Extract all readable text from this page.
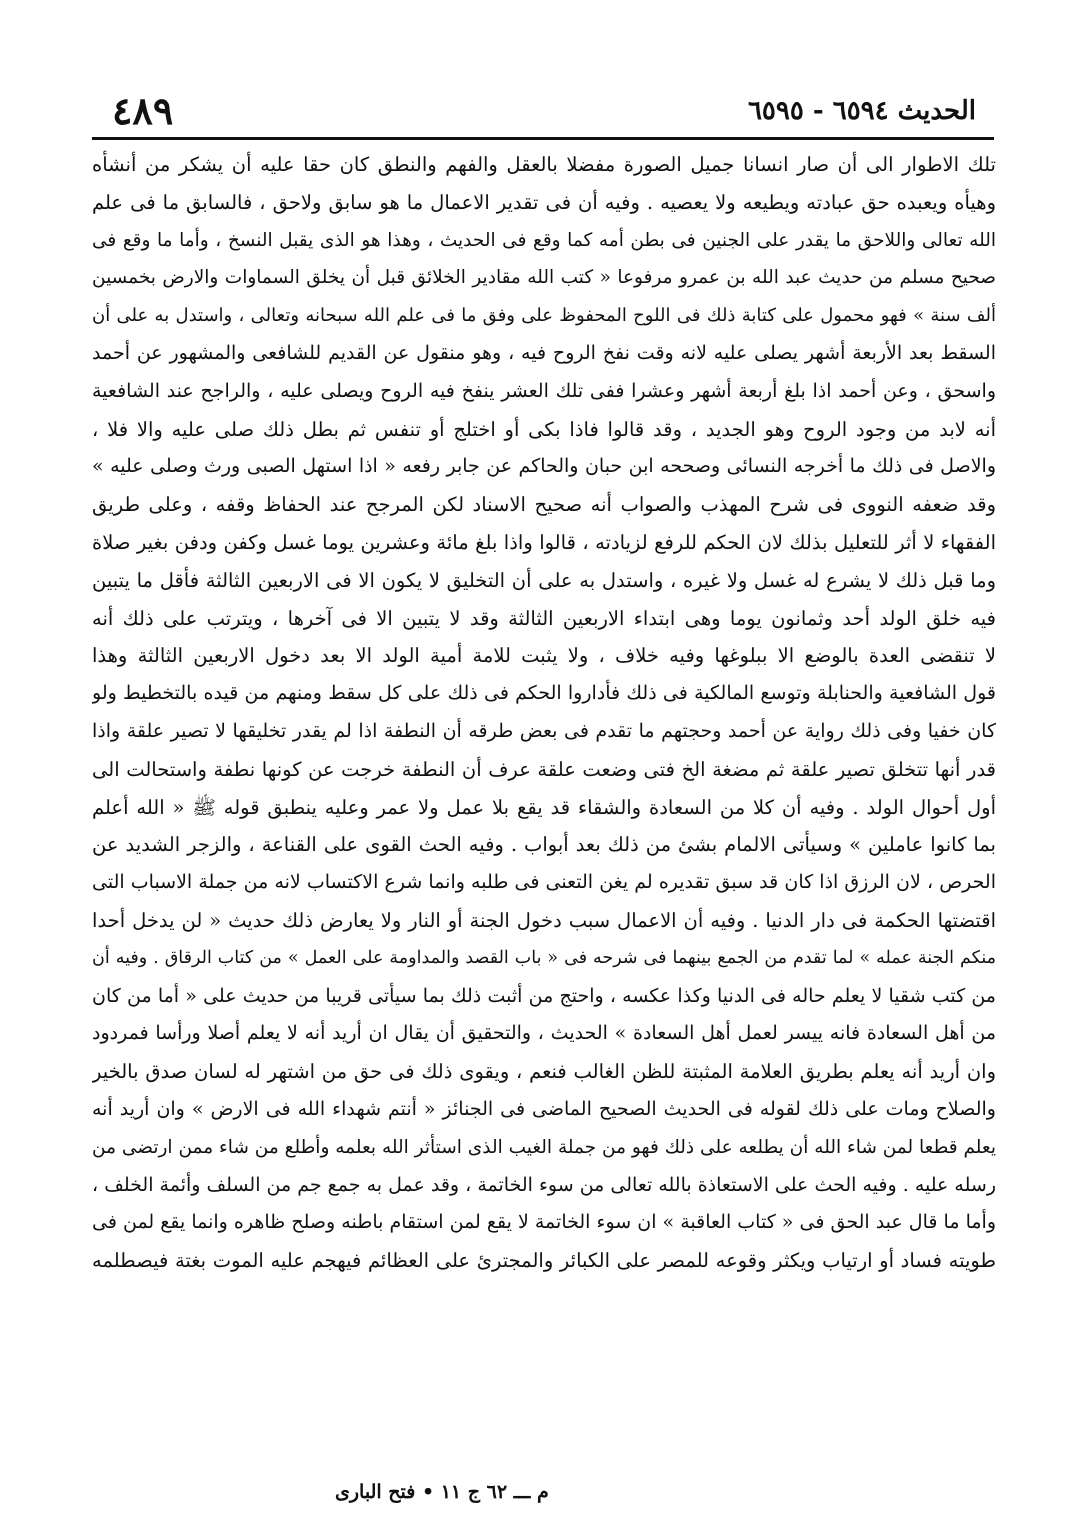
٤٨٩	الحديث ٦٥٩٤ - ٦٥٩٥
تلك الاطوار الى أن صار انسانا جميل الصورة مفضلا بالعقل والفهم والنطق كان حقا عليه أن يشكر من أنشأه
وهيأه ويعبده حق عبادته ويطيعه ولا يعصيه . وفيه أن فى تقدير الاعمال ما هو سابق ولاحق ، فالسابق ما فى علم
الله تعالى واللاحق ما يقدر على الجنين فى بطن أمه كما وقع فى الحديث ، وهذا هو الذى يقبل النسخ ، وأما ما وقع فى
صحيح مسلم من حديث عبد الله بن عمرو مرفوعا « كتب الله مقادير الخلائق قبل أن يخلق السماوات والارض بخمسين
ألف سنة » فهو محمول على كتابة ذلك فى اللوح المحفوظ على وفق ما فى علم الله سبحانه وتعالى ، واستدل به على أن
السقط بعد الأربعة أشهر يصلى عليه لانه وقت نفخ الروح فيه ، وهو منقول عن القديم للشافعى والمشهور عن أحمد
واسحق ، وعن أحمد اذا بلغ أربعة أشهر وعشرا ففى تلك العشر ينفخ فيه الروح ويصلى عليه ، والراجح عند الشافعية
أنه لابد من وجود الروح وهو الجديد ، وقد قالوا فاذا بكى أو اختلج أو تنفس ثم بطل ذلك صلى عليه والا فلا ،
والاصل فى ذلك ما أخرجه النسائى وصححه ابن حبان والحاكم عن جابر رفعه « اذا استهل الصبى ورث وصلى عليه »
وقد ضعفه النووى فى شرح المهذب والصواب أنه صحيح الاسناد لكن المرجح عند الحفاظ وقفه ، وعلى طريق
الفقهاء لا أثر للتعليل بذلك لان الحكم للرفع لزيادته ، قالوا واذا بلغ مائة وعشرين يوما غسل وكفن ودفن بغير صلاة
وما قبل ذلك لا يشرع له غسل ولا غيره ، واستدل به على أن التخليق لا يكون الا فى الاربعين الثالثة فأقل ما يتبين
فيه خلق الولد أحد وثمانون يوما وهى ابتداء الاربعين الثالثة وقد لا يتبين الا فى آخرها ، ويترتب على ذلك أنه
لا تنقضى العدة بالوضع الا ببلوغها وفيه خلاف ، ولا يثبت للامة أمية الولد الا بعد دخول الاربعين الثالثة وهذا
قول الشافعية والحنابلة وتوسع المالكية فى ذلك فأداروا الحكم فى ذلك على كل سقط ومنهم من قيده بالتخطيط ولو
كان خفيا وفى ذلك رواية عن أحمد وحجتهم ما تقدم فى بعض طرقه أن النطفة اذا لم يقدر تخليقها لا تصير علقة واذا
قدر أنها تتخلق تصير علقة ثم مضغة الخ فتى وضعت علقة عرف أن النطفة خرجت عن كونها نطفة واستحالت الى
أول أحوال الولد . وفيه أن كلا من السعادة والشقاء قد يقع بلا عمل ولا عمر وعليه ينطبق قوله ﷺ « الله أعلم
بما كانوا عاملين » وسيأتى الالمام بشئ من ذلك بعد أبواب . وفيه الحث القوى على القناعة ، والزجر الشديد عن
الحرص ، لان الرزق اذا كان قد سبق تقديره لم يغن التعنى فى طلبه وانما شرع الاكتساب لانه من جملة الاسباب التى
اقتضتها الحكمة فى دار الدنيا . وفيه أن الاعمال سبب دخول الجنة أو النار ولا يعارض ذلك حديث « لن يدخل أحدا
منكم الجنة عمله » لما تقدم من الجمع بينهما فى شرحه فى « باب القصد والمداومة على العمل » من كتاب الرقاق . وفيه أن
من كتب شقيا لا يعلم حاله فى الدنيا وكذا عكسه ، واحتج من أثبت ذلك بما سيأتى قريبا من حديث على « أما من كان
من أهل السعادة فانه ييسر لعمل أهل السعادة » الحديث ، والتحقيق أن يقال ان أريد أنه لا يعلم أصلا ورأسا فمردود
وان أريد أنه يعلم بطريق العلامة المثبتة للظن الغالب فنعم ، ويقوى ذلك فى حق من اشتهر له لسان صدق بالخير
والصلاح ومات على ذلك لقوله فى الحديث الصحيح الماضى فى الجنائز « أنتم شهداء الله فى الارض » وان أريد أنه
يعلم قطعا لمن شاء الله أن يطلعه على ذلك فهو من جملة الغيب الذى استأثر الله بعلمه وأطلع من شاء ممن ارتضى من
رسله عليه . وفيه الحث على الاستعاذة بالله تعالى من سوء الخاتمة ، وقد عمل به جمع جم من السلف وأئمة الخلف ،
وأما ما قال عبد الحق فى « كتاب العاقبة » ان سوء الخاتمة لا يقع لمن استقام باطنه وصلح ظاهره وانما يقع لمن فى
طويته فساد أو ارتياب ويكثر وقوعه للمصر على الكبائر والمجترئ على العظائم فيهجم عليه الموت بغتة فيصطلمه
م ـــ ٦٢ ج ١١ • فتح البارى
